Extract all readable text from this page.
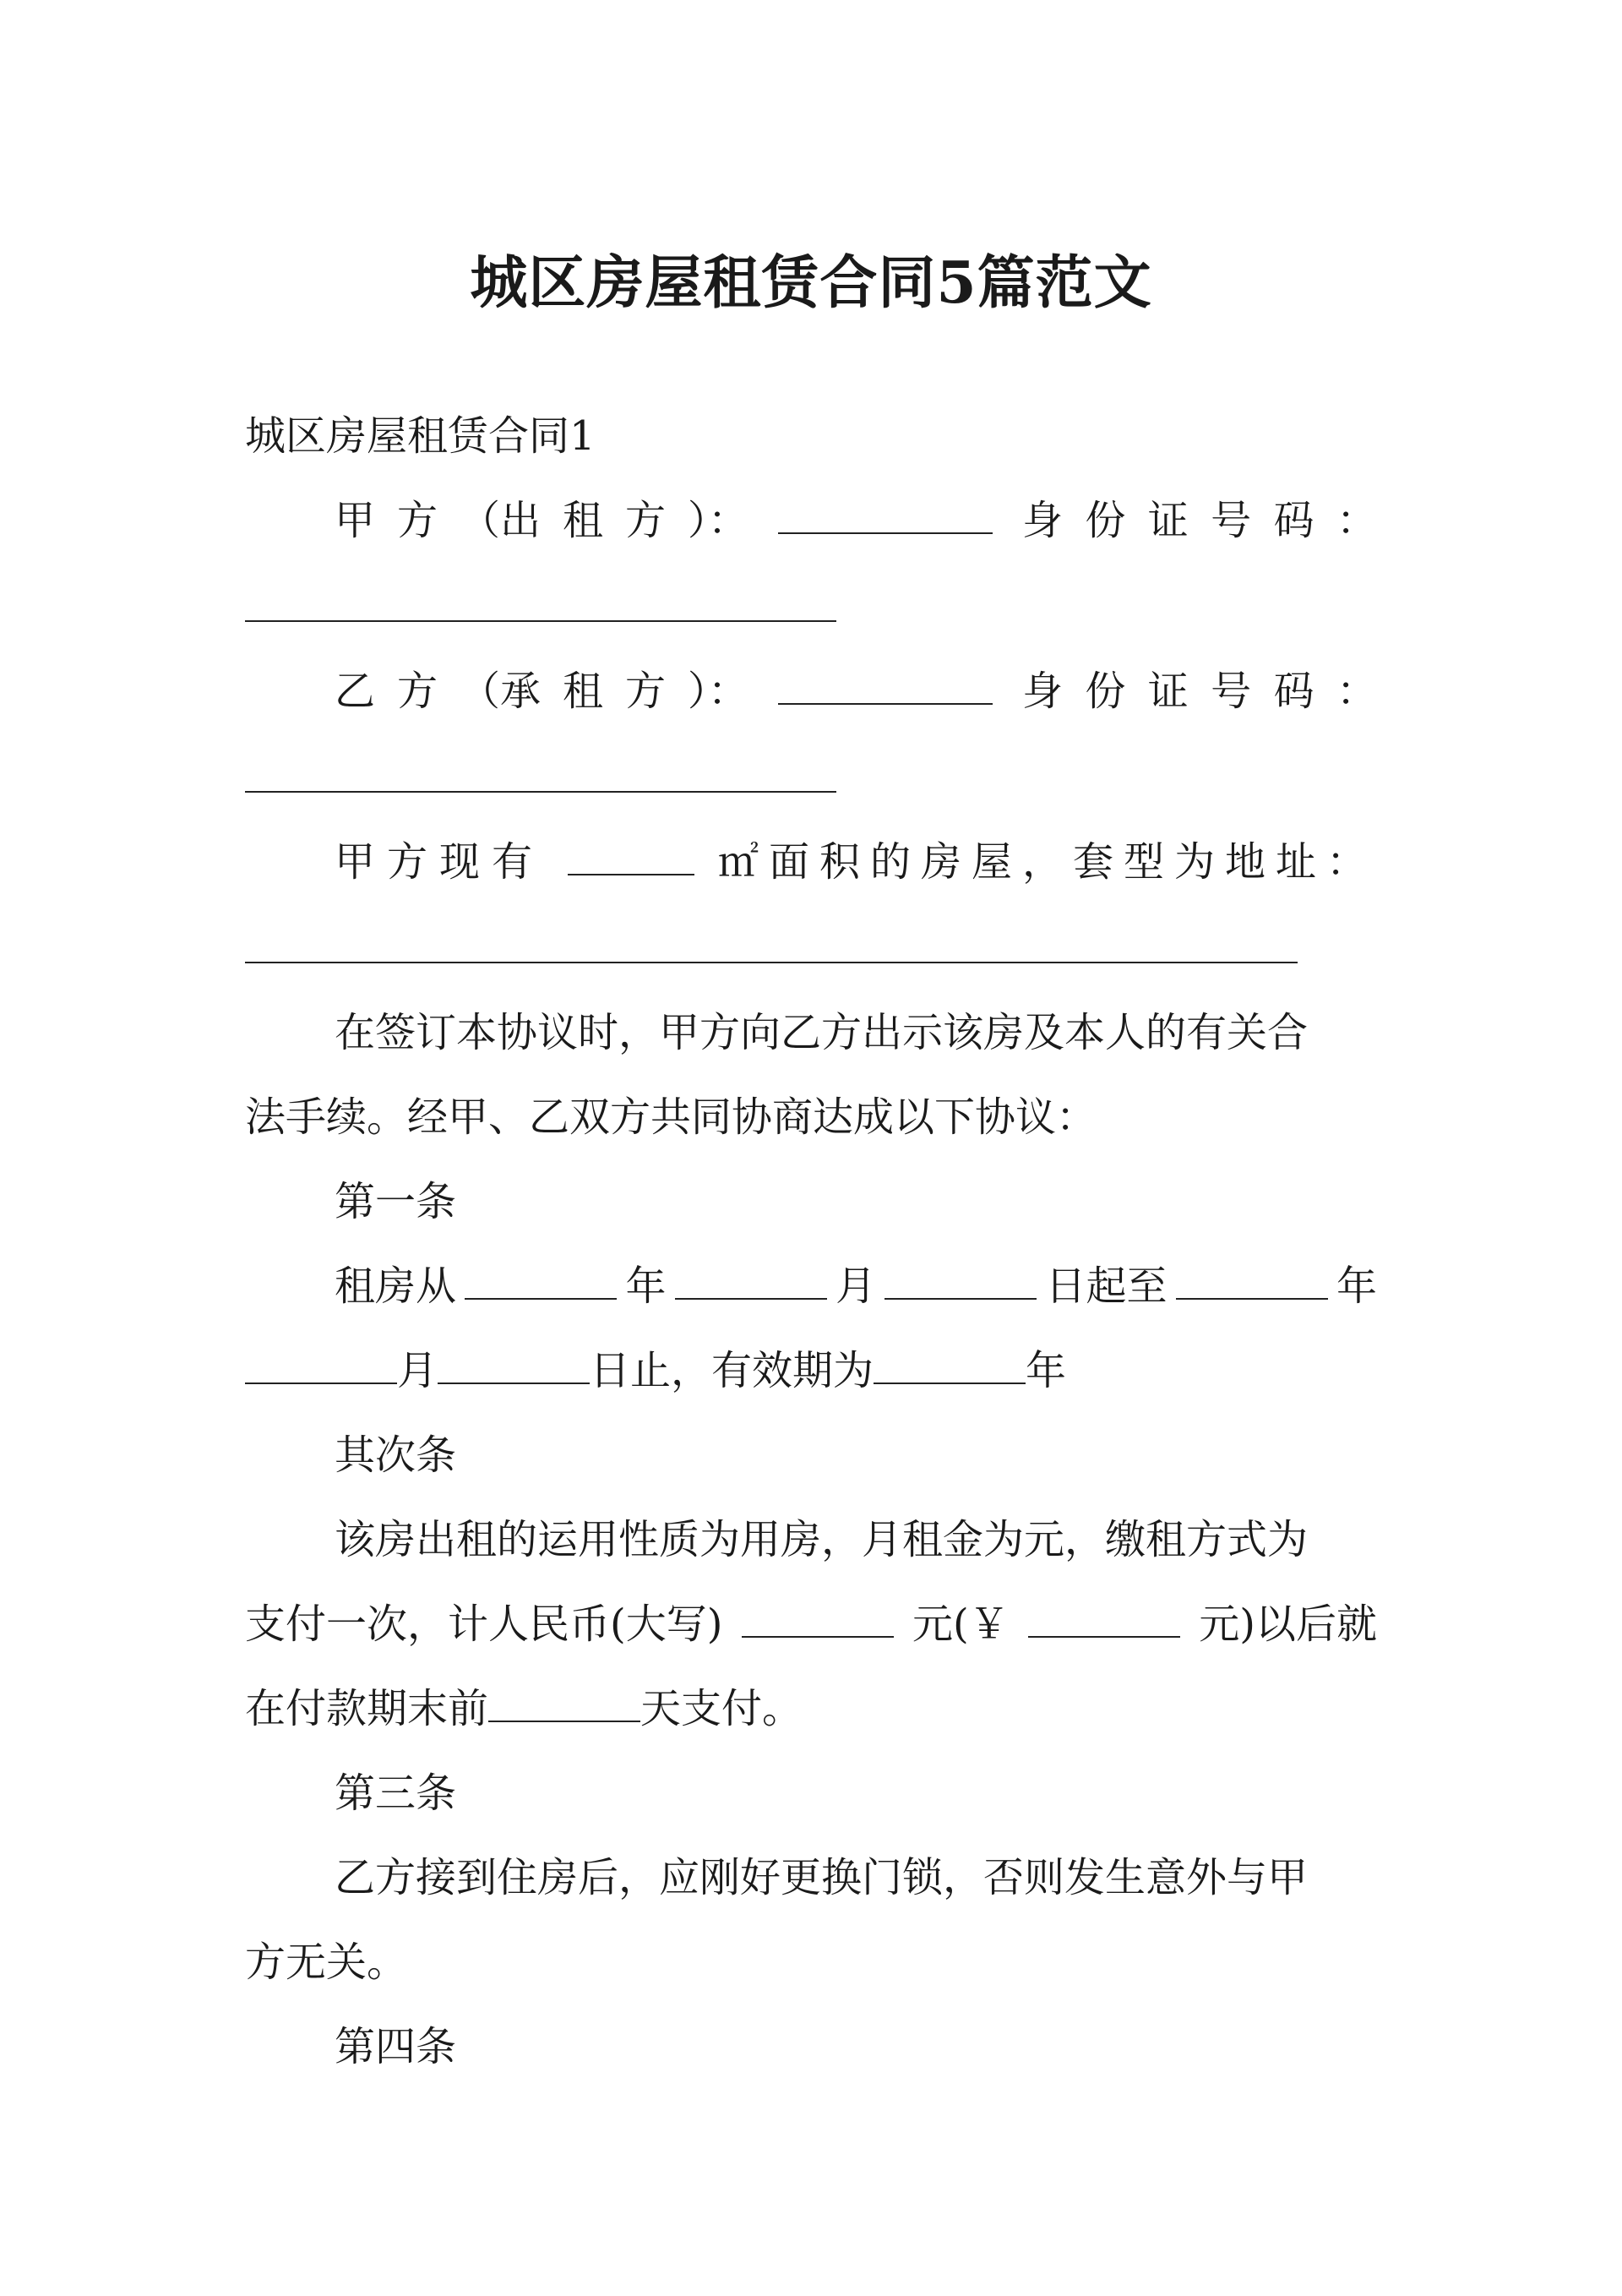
城区房屋租赁合同5篇范文
城区房屋租赁合同1
甲 方 （出 租 方 ）：	身 份 证 号 码 ：
乙 方 （承 租 方 ）：	身 份 证 号 码 ：
甲方现有	㎡面积的房屋，套型为地址：
在签订本协议时，甲方向乙方出示该房及本人的有关合
法手续。经甲、乙双方共同协商达成以下协议：
第一条
租房从	年	月	日起至	年
月	日止，有效期为	年
其次条
该房出租的运用性质为用房，月租金为元，缴租方式为
支付一次，计人民币(大写)	元(￥	元)以后就
在付款期末前	天支付。
第三条
乙方接到住房后，应刚好更换门锁，否则发生意外与甲
方无关。
第四条
